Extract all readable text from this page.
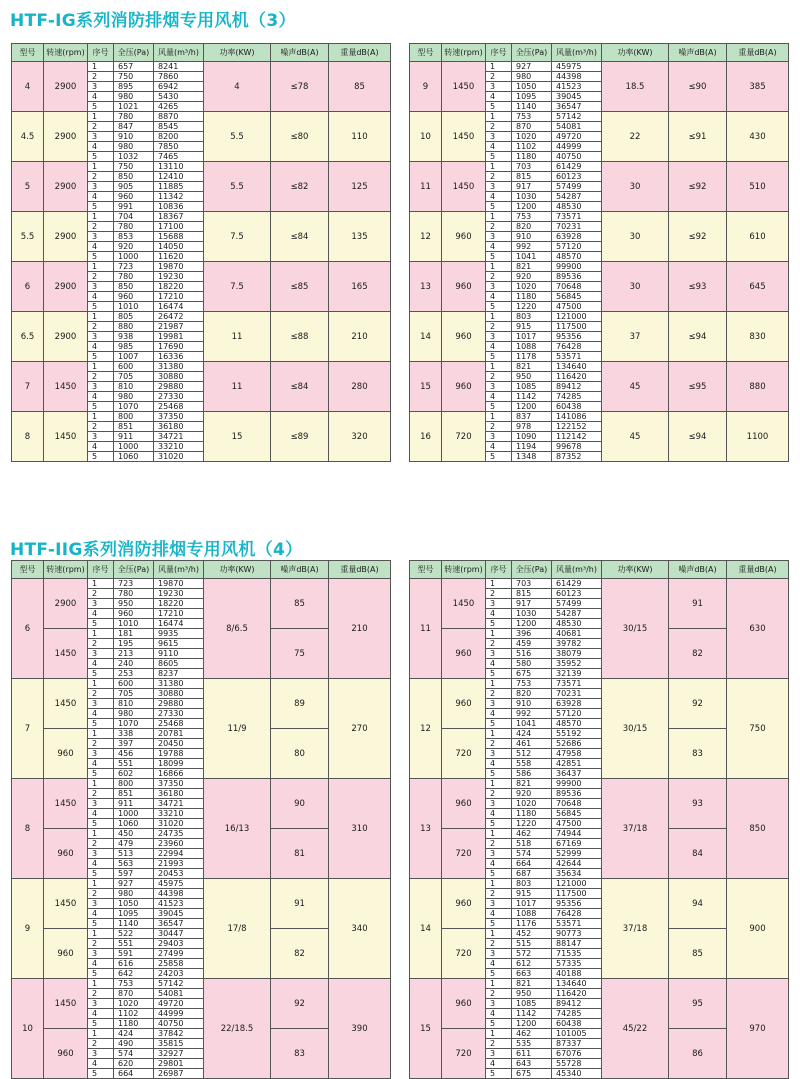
HTF-IG系列消防排烟专用风机（3）
型号	转速(rpm)	序号	全压(Pa)	风量(m³/h)	功率(KW)	噪声dB(A)	重量dB(A)
4	2900	1	657	8241	4	≤78	85
		2	750	7860			
		3	895	6942			
		4	980	5430			
		5	1021	4265			
4.5	2900	1	780	8870	5.5	≤80	110
		2	847	8545			
		3	910	8200			
		4	980	7850			
		5	1032	7465			
5	2900	1	750	13110	5.5	≤82	125
		2	850	12410			
		3	905	11885			
		4	960	11342			
		5	991	10836			
5.5	2900	1	704	18367	7.5	≤84	135
		2	780	17100			
		3	853	15688			
		4	920	14050			
		5	1000	11620			
6	2900	1	723	19870	7.5	≤85	165
		2	780	19230			
		3	850	18220			
		4	960	17210			
		5	1010	16474			
6.5	2900	1	805	26472	11	≤88	210
		2	880	21987			
		3	938	19981			
		4	985	17690			
		5	1007	16336			
7	1450	1	600	31380	11	≤84	280
		2	705	30880			
		3	810	29880			
		4	980	27330			
		5	1070	25468			
8	1450	1	800	37350	15	≤89	320
		2	851	36180			
		3	911	34721			
		4	1000	33210			
		5	1060	31020			
型号	转速(rpm)	序号	全压(Pa)	风量(m³/h)	功率(KW)	噪声dB(A)	重量dB(A)
9	1450	1	927	45975	18.5	≤90	385
		2	980	44398			
		3	1050	41523			
		4	1095	39045			
		5	1140	36547			
10	1450	1	753	57142	22	≤91	430
		2	870	54081			
		3	1020	49720			
		4	1102	44999			
		5	1180	40750			
11	1450	1	703	61429	30	≤92	510
		2	815	60123			
		3	917	57499			
		4	1030	54287			
		5	1200	48530			
12	960	1	753	73571	30	≤92	610
		2	820	70231			
		3	910	63928			
		4	992	57120			
		5	1041	48570			
13	960	1	821	99900	30	≤93	645
		2	920	89536			
		3	1020	70648			
		4	1180	56845			
		5	1220	47500			
14	960	1	803	121000	37	≤94	830
		2	915	117500			
		3	1017	95356			
		4	1088	76428			
		5	1178	53571			
15	960	1	821	134640	45	≤95	880
		2	950	116420			
		3	1085	89412			
		4	1142	74285			
		5	1200	60438			
16	720	1	837	141086	45	≤94	1100
		2	978	122152			
		3	1090	112142			
		4	1194	99678			
		5	1348	87352			
HTF-IIG系列消防排烟专用风机（4）
型号	转速(rpm)	序号	全压(Pa)	风量(m³/h)	功率(KW)	噪声dB(A)	重量dB(A)
6	2900	1	723	19870	8/6.5	85	210
		2	780	19230			
		3	950	18220			
		4	960	17210			
		5	1010	16474			
	1450	1	181	9935		75	
		2	195	9615			
		3	213	9110			
		4	240	8605			
		5	253	8237			
7	1450	1	600	31380	11/9	89	270
		2	705	30880			
		3	810	29880			
		4	980	27330			
		5	1070	25468			
	960	1	338	20781		80	
		2	397	20450			
		3	456	19788			
		4	551	18099			
		5	602	16866			
8	1450	1	800	37350	16/13	90	310
		2	851	36180			
		3	911	34721			
		4	1000	33210			
		5	1060	31020			
	960	1	450	24735		81	
		2	479	23960			
		3	513	22994			
		4	563	21993			
		5	597	20453			
9	1450	1	927	45975	17/8	91	340
		2	980	44398			
		3	1050	41523			
		4	1095	39045			
		5	1140	36547			
	960	1	522	30447		82	
		2	551	29403			
		3	591	27499			
		4	616	25858			
		5	642	24203			
10	1450	1	753	57142	22/18.5	92	390
		2	870	54081			
		3	1020	49720			
		4	1102	44999			
		5	1180	40750			
	960	1	424	37842		83	
		2	490	35815			
		3	574	32927			
		4	620	29801			
		5	664	26987			
型号	转速(rpm)	序号	全压(Pa)	风量(m³/h)	功率(KW)	噪声dB(A)	重量dB(A)
11	1450	1	703	61429	30/15	91	630
		2	815	60123			
		3	917	57499			
		4	1030	54287			
		5	1200	48530			
	960	1	396	40681		82	
		2	459	39782			
		3	516	38079			
		4	580	35952			
		5	675	32139			
12	960	1	753	73571	30/15	92	750
		2	820	70231			
		3	910	63928			
		4	992	57120			
		5	1041	48570			
	720	1	424	55192		83	
		2	461	52686			
		3	512	47958			
		4	558	42851			
		5	586	36437			
13	960	1	821	99900	37/18	93	850
		2	920	89536			
		3	1020	70648			
		4	1180	56845			
		5	1220	47500			
	720	1	462	74944		84	
		2	518	67169			
		3	574	52999			
		4	664	42644			
		5	687	35634			
14	960	1	803	121000	37/18	94	900
		2	915	117500			
		3	1017	95356			
		4	1088	76428			
		5	1176	53571			
	720	1	452	90773		85	
		2	515	88147			
		3	572	71535			
		4	612	57335			
		5	663	40188			
15	960	1	821	134640	45/22	95	970
		2	950	116420			
		3	1085	89412			
		4	1142	74285			
		5	1200	60438			
	720	1	462	101005		86	
		2	535	87337			
		3	611	67076			
		4	643	55728			
		5	675	45340			
